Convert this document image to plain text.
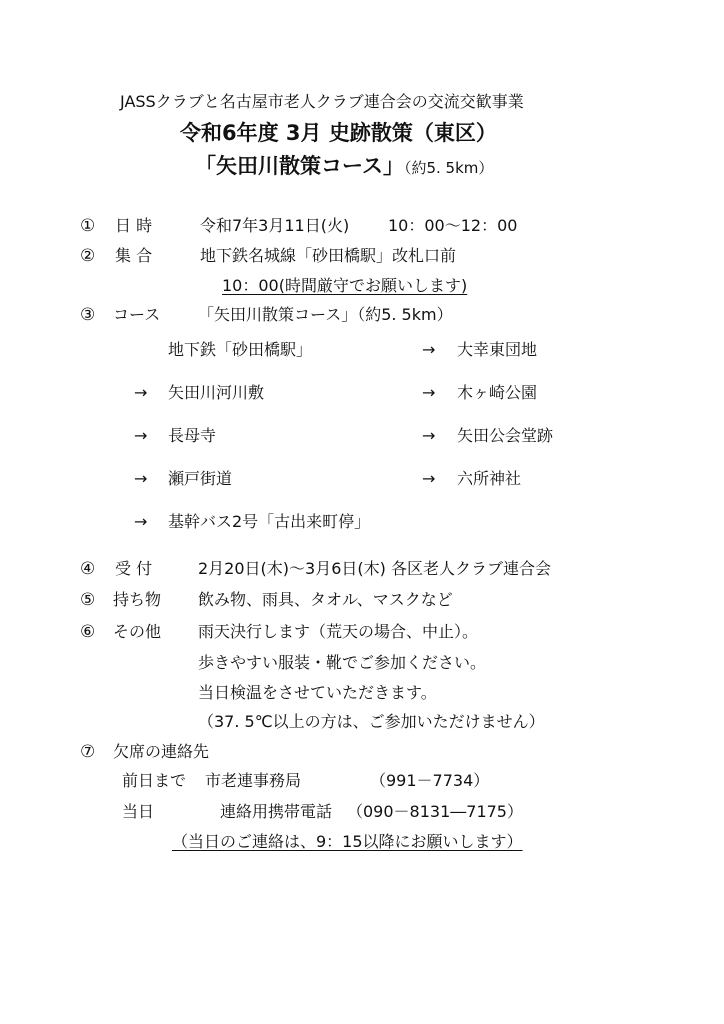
JASSクラブと名古屋市老人クラブ連合会の交流交歓事業
令和6年度 3月 史跡散策（東区）
「矢田川散策コース」（約5. 5km）
① 日 時	令和7年3月11日(火) 10：00～12：00
② 集 合	地下鉄名城線「砂田橋駅」改札口前
10：00(時間厳守でお願いします)
③ コース 「矢田川散策コース」（約5. 5km）
地下鉄「砂田橋駅」	→ 大幸東団地
→ 矢田川河川敷	→ 木ヶ崎公園
→ 長母寺	→ 矢田公会堂跡
→ 瀬戸街道	→ 六所神社
→ 基幹バス2号「古出来町停」
④ 受 付	2月20日(木)～3月6日(木) 各区老人クラブ連合会
⑤ 持ち物 飲み物、雨具、タオル、マスクなど
⑥ その他 雨天決行します（荒天の場合、中止）。
歩きやすい服装・靴でご参加ください。
当日検温をさせていただきます。
（37. 5℃以上の方は、ご参加いただけません）
⑦ 欠席の連絡先
前日まで 市老連事務局	（991－7734）
当日	連絡用携帯電話 （090－8131―7175）
（当日のご連絡は、9：15以降にお願いします）
